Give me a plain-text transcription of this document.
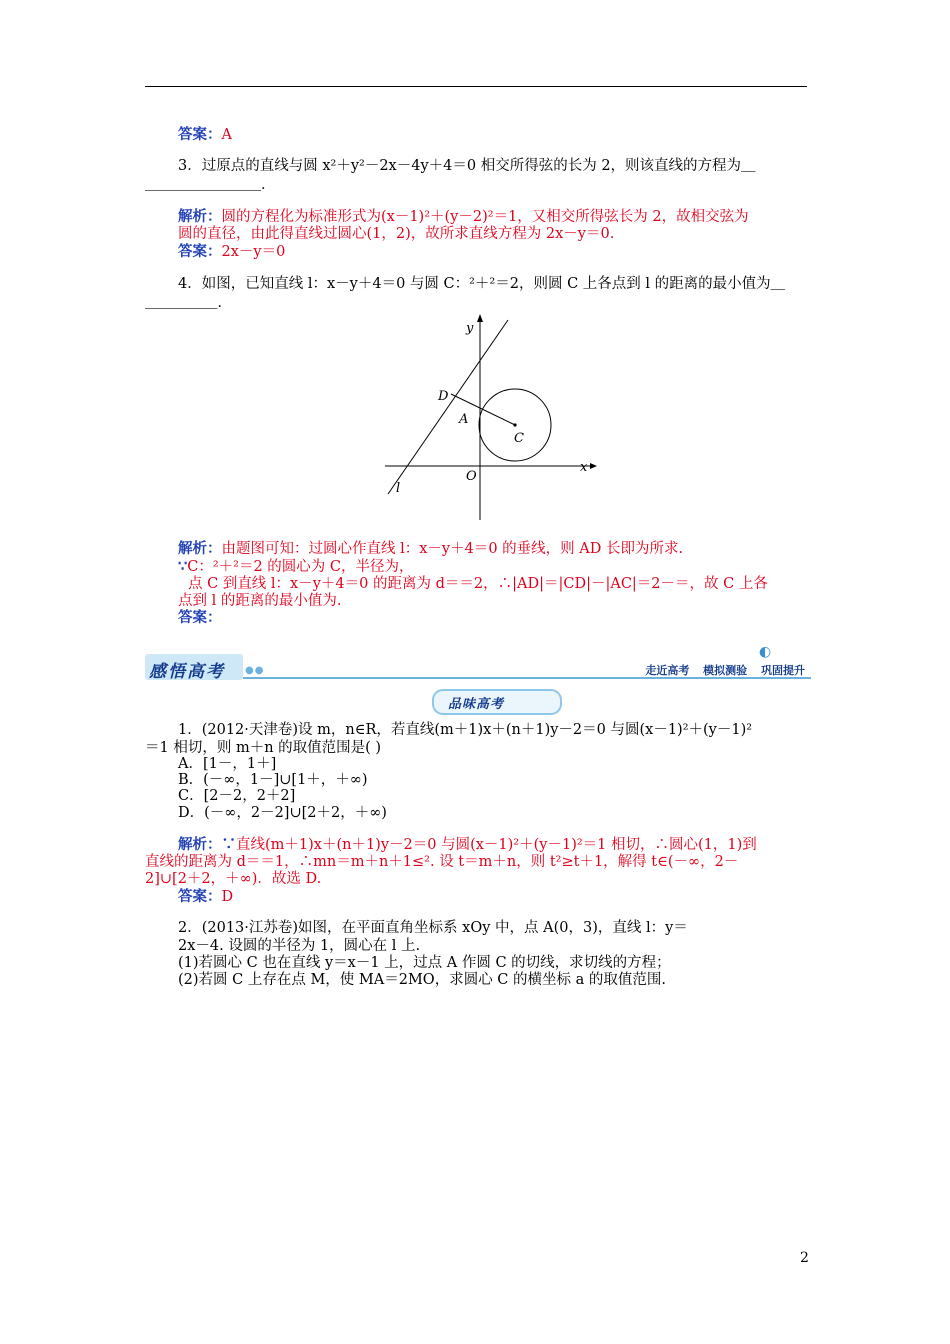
答案：A
3．过原点的直线与圆 x²＋y²－2x－4y＋4＝0 相交所得弦的长为 2，则该直线的方程为＿
＿＿＿＿＿＿＿＿．
解析：圆的方程化为标准形式为(x－1)²＋(y－2)²＝1，又相交所得弦长为 2，故相交弦为
圆的直径，由此得直线过圆心(1，2)，故所求直线方程为 2x－y＝0.
答案：2x－y＝0
4．如图，已知直线 l：x－y＋4＝0 与圆 C：²＋²＝2，则圆 C 上各点到 l 的距离的最小值为＿
＿＿＿＿＿．
y
x
D
A
C
O
l
解析：由题图可知：过圆心作直线 l：x－y＋4＝0 的垂线，则 AD 长即为所求.
∵C：²＋²＝2 的圆心为 C，半径为，
点 C 到直线 l：x－y＋4＝0 的距离为 d＝＝2，∴|AD|＝|CD|－|AC|＝2－＝，故 C 上各
点到 l 的距离的最小值为.
答案：
感悟高考 ●●
◐
走近高考 模拟测验 巩固提升
品味高考
1．(2012·天津卷)设 m，n∈R，若直线(m＋1)x＋(n＋1)y－2＝0 与圆(x－1)²＋(y－1)²
＝1 相切，则 m＋n 的取值范围是( )
A．[1－，1＋]
B．(－∞，1－]∪[1＋，＋∞)
C．[2－2，2＋2]
D．(－∞，2－2]∪[2＋2，＋∞)
解析：∵直线(m＋1)x＋(n＋1)y－2＝0 与圆(x－1)²＋(y－1)²＝1 相切，∴圆心(1，1)到
直线的距离为 d＝＝1，∴mn＝m＋n＋1≤². 设 t＝m＋n，则 t²≥t＋1，解得 t∈(－∞，2－
2]∪[2＋2，＋∞)．故选 D.
答案：D
2．(2013·江苏卷)如图，在平面直角坐标系 xOy 中，点 A(0，3)，直线 l：y＝
2x－4. 设圆的半径为 1，圆心在 l 上.
(1)若圆心 C 也在直线 y＝x－1 上，过点 A 作圆 C 的切线，求切线的方程；
(2)若圆 C 上存在点 M，使 MA＝2MO，求圆心 C 的横坐标 a 的取值范围.
2
